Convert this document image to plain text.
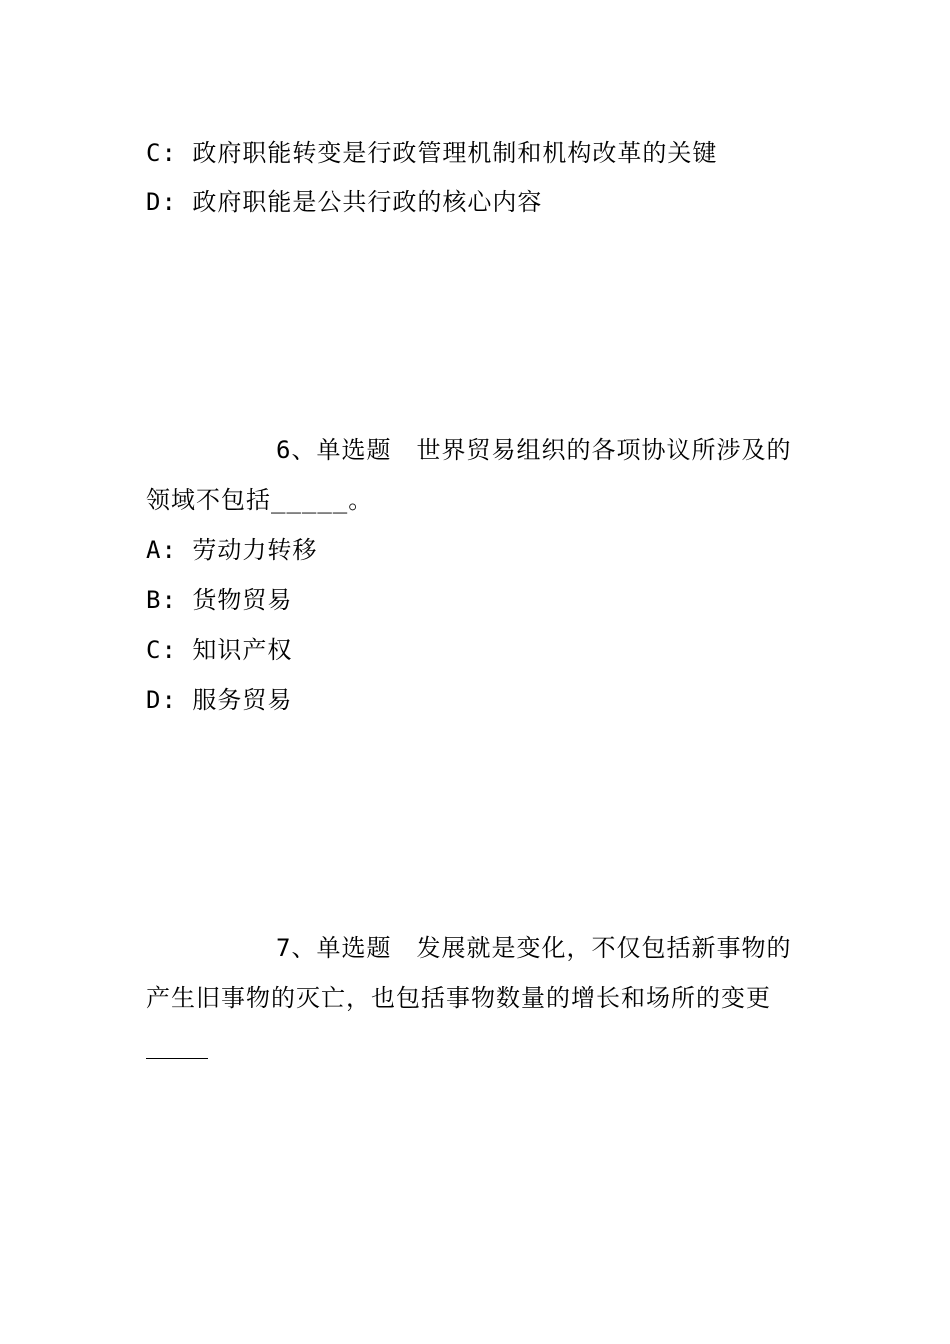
C: 政府职能转变是行政管理机制和机构改革的关键
D: 政府职能是公共行政的核心内容
6、单选题　世界贸易组织的各项协议所涉及的
领域不包括_____。
A: 劳动力转移
B: 货物贸易
C: 知识产权
D: 服务贸易
7、单选题　发展就是变化，不仅包括新事物的
产生旧事物的灭亡，也包括事物数量的增长和场所的变更
